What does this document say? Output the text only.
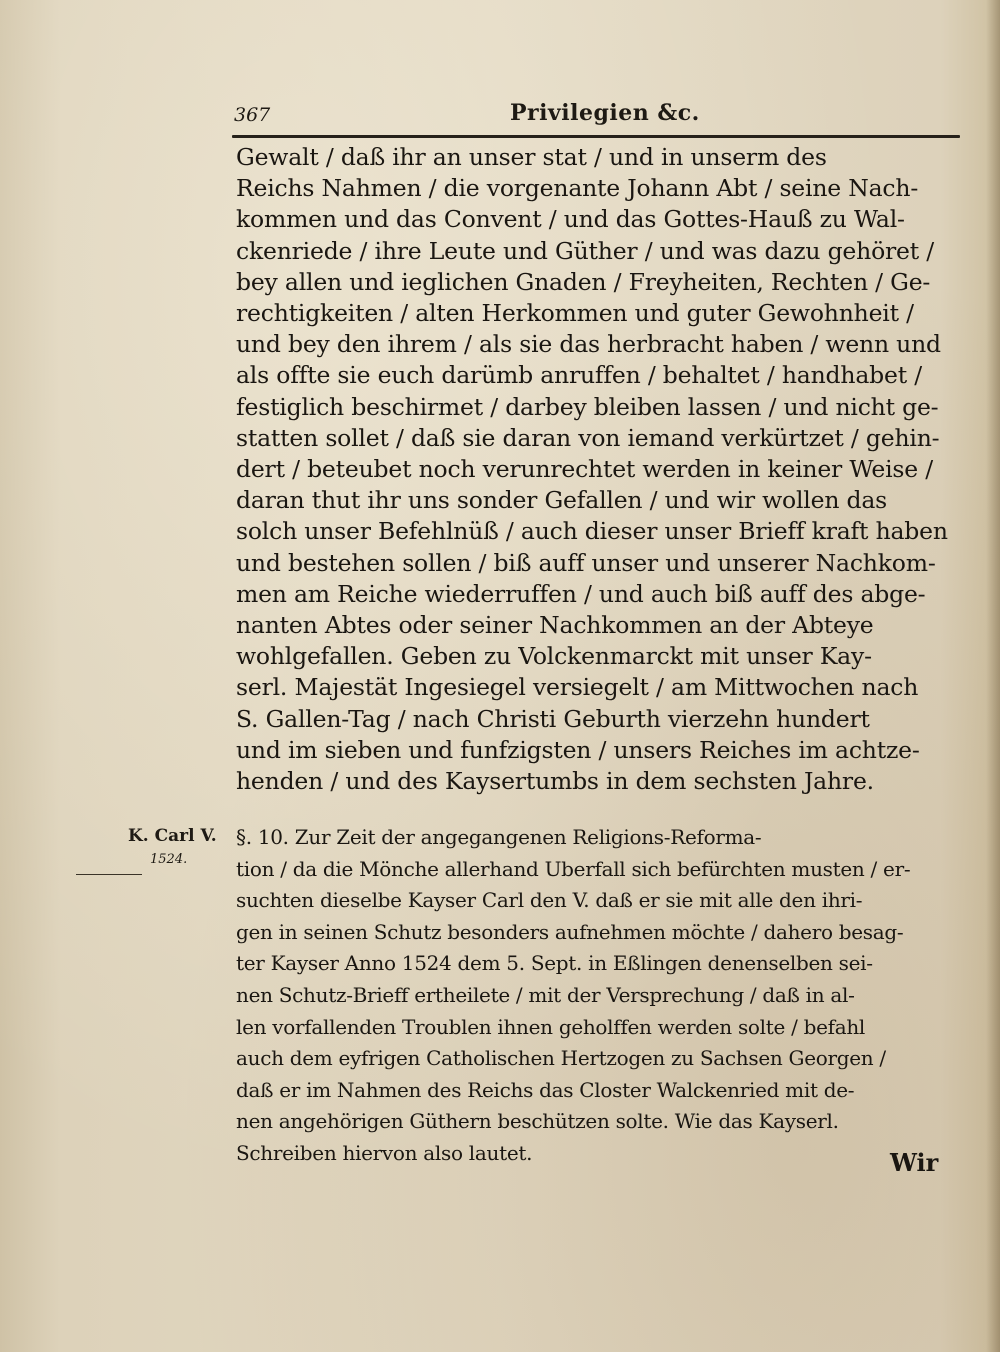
367	Privilegien &c.
Gewalt / daß ihr an unser stat / und in unserm des
Reichs Nahmen / die vorgenante Johann Abt / seine Nach-
kommen und das Convent / und das Gottes-Hauß zu Wal-
ckenriede / ihre Leute und Güther / und was dazu gehöret /
bey allen und ieglichen Gnaden / Freyheiten, Rechten / Ge-
rechtigkeiten / alten Herkommen und guter Gewohnheit /
und bey den ihrem / als sie das herbracht haben / wenn und
als offte sie euch darümb anruffen / behaltet / handhabet /
festiglich beschirmet / darbey bleiben lassen / und nicht ge-
statten sollet / daß sie daran von iemand verkürtzet / gehin-
dert / beteubet noch verunrechtet werden in keiner Weise /
daran thut ihr uns sonder Gefallen / und wir wollen das
solch unser Befehlnüß / auch dieser unser Brieff kraft haben
und bestehen sollen / biß auff unser und unserer Nachkom-
men am Reiche wiederruffen / und auch biß auff des abge-
nanten Abtes oder seiner Nachkommen an der Abteye
wohlgefallen. Geben zu Volckenmarckt mit unser Kay-
serl. Majestät Ingesiegel versiegelt / am Mittwochen nach
S. Gallen-Tag / nach Christi Geburth vierzehn hundert
und im sieben und funfzigsten / unsers Reiches im achtze-
henden / und des Kaysertumbs in dem sechsten Jahre.
K. Carl V.
1524.
§. 10. Zur Zeit der angegangenen Religions-Reforma-
tion / da die Mönche allerhand Uberfall sich befürchten musten / er-
suchten dieselbe Kayser Carl den V. daß er sie mit alle den ihri-
gen in seinen Schutz besonders aufnehmen möchte / dahero besag-
ter Kayser Anno 1524 dem 5. Sept. in Eßlingen denenselben sei-
nen Schutz-Brieff ertheilete / mit der Versprechung / daß in al-
len vorfallenden Troublen ihnen geholffen werden solte / befahl
auch dem eyfrigen Catholischen Hertzogen zu Sachsen Georgen /
daß er im Nahmen des Reichs das Closter Walckenried mit de-
nen angehörigen Güthern beschützen solte. Wie das Kayserl.
Schreiben hiervon also lautet.	Wir
